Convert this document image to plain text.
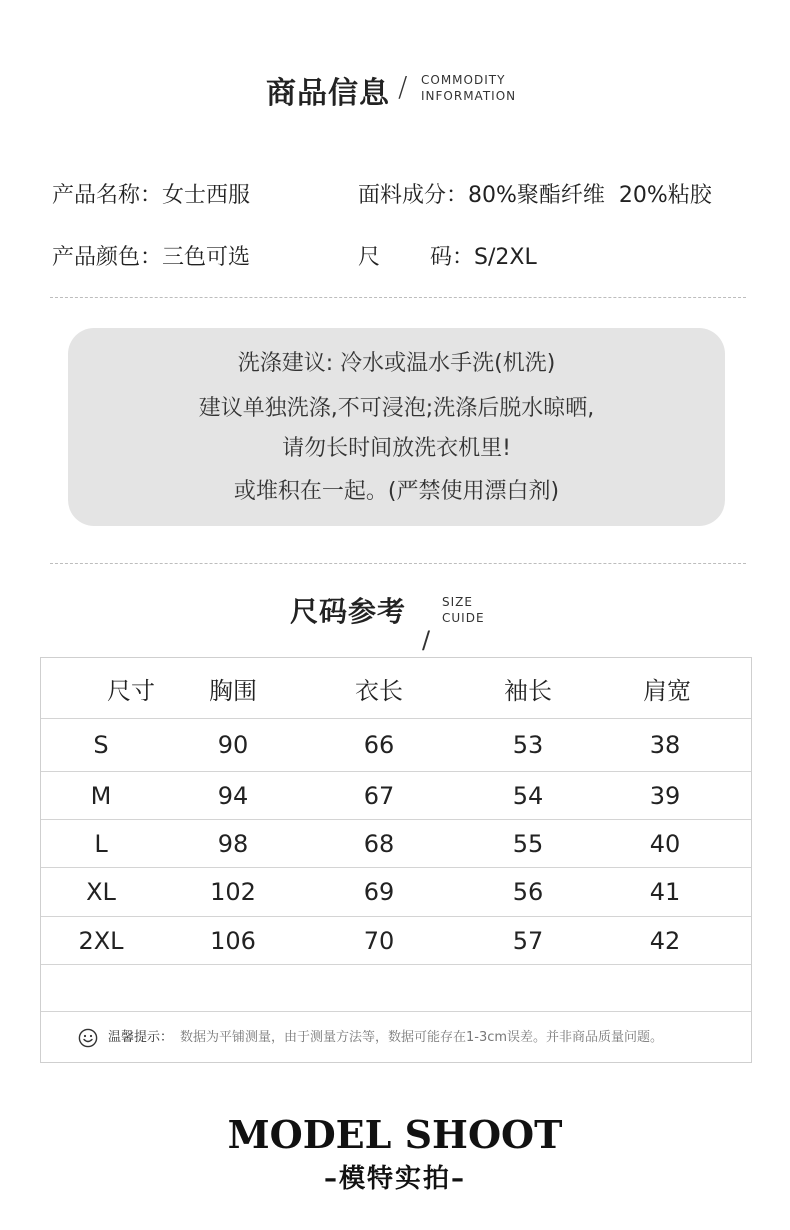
商品信息 / COMMODITY
INFORMATION
产品名称：女士西服	面料成分：80%聚酯纤维  20%粘胶
产品颜色：三色可选	尺 码：S/2XL
洗涤建议: 冷水或温水手洗(机洗)
建议单独洗涤,不可浸泡;洗涤后脱水晾晒,
请勿长时间放洗衣机里!
或堆积在一起。(严禁使用漂白剂)
尺码参考	SIZE
CUIDE
/
尺寸	胸围	衣长	袖长	肩宽
S	90	66	53	38
M	94	67	54	39
L	98	68	55	40
XL	102	69	56	41
2XL	106	70	57	42
温馨提示： 数据为平铺测量，由于测量方法等，数据可能存在1-3cm误差。并非商品质量问题。
MODEL SHOOT
–模特实拍–
